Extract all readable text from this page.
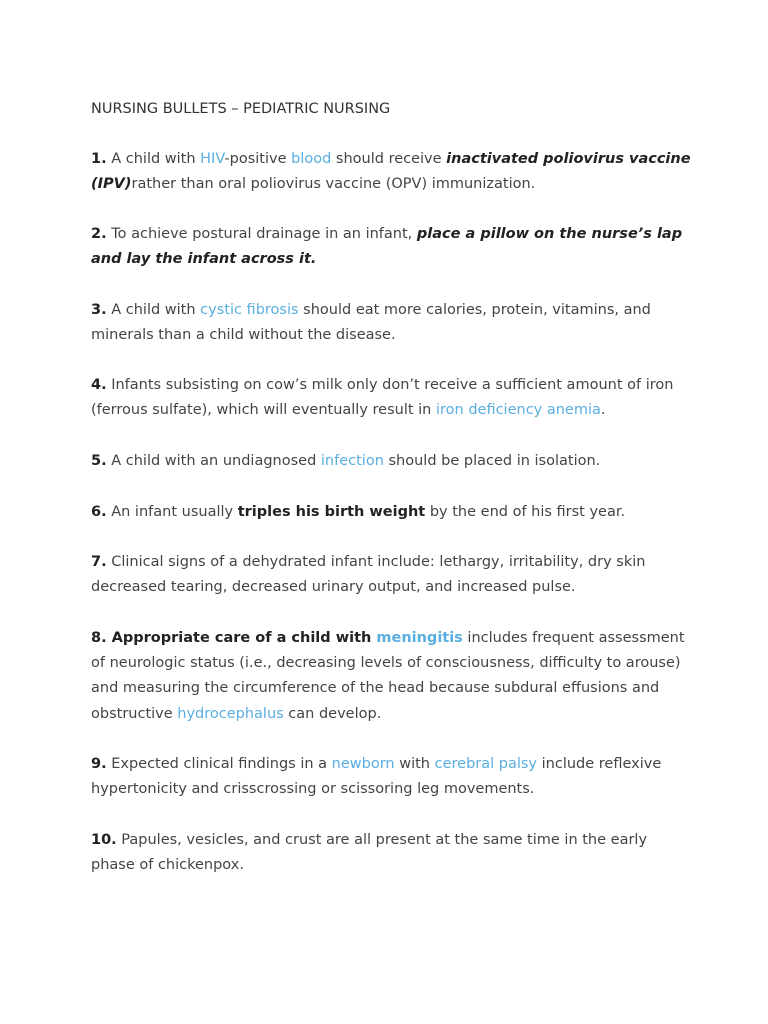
NURSING BULLETS – PEDIATRIC NURSING

1. A child with HIV-positive blood should receive inactivated poliovirus vaccine (IPV)rather than oral poliovirus vaccine (OPV) immunization.

2. To achieve postural drainage in an infant, place a pillow on the nurse’s lap and lay the infant across it.

3. A child with cystic fibrosis should eat more calories, protein, vitamins, and minerals than a child without the disease.

4. Infants subsisting on cow’s milk only don’t receive a sufficient amount of iron (ferrous sulfate), which will eventually result in iron deficiency anemia.

5. A child with an undiagnosed infection should be placed in isolation.

6. An infant usually triples his birth weight by the end of his first year.

7. Clinical signs of a dehydrated infant include: lethargy, irritability, dry skin decreased tearing, decreased urinary output, and increased pulse.

8. Appropriate care of a child with meningitis includes frequent assessment of neurologic status (i.e., decreasing levels of consciousness, difficulty to arouse) and measuring the circumference of the head because subdural effusions and obstructive hydrocephalus can develop.

9. Expected clinical findings in a newborn with cerebral palsy include reflexive hypertonicity and crisscrossing or scissoring leg movements.

10. Papules, vesicles, and crust are all present at the same time in the early phase of chickenpox.
